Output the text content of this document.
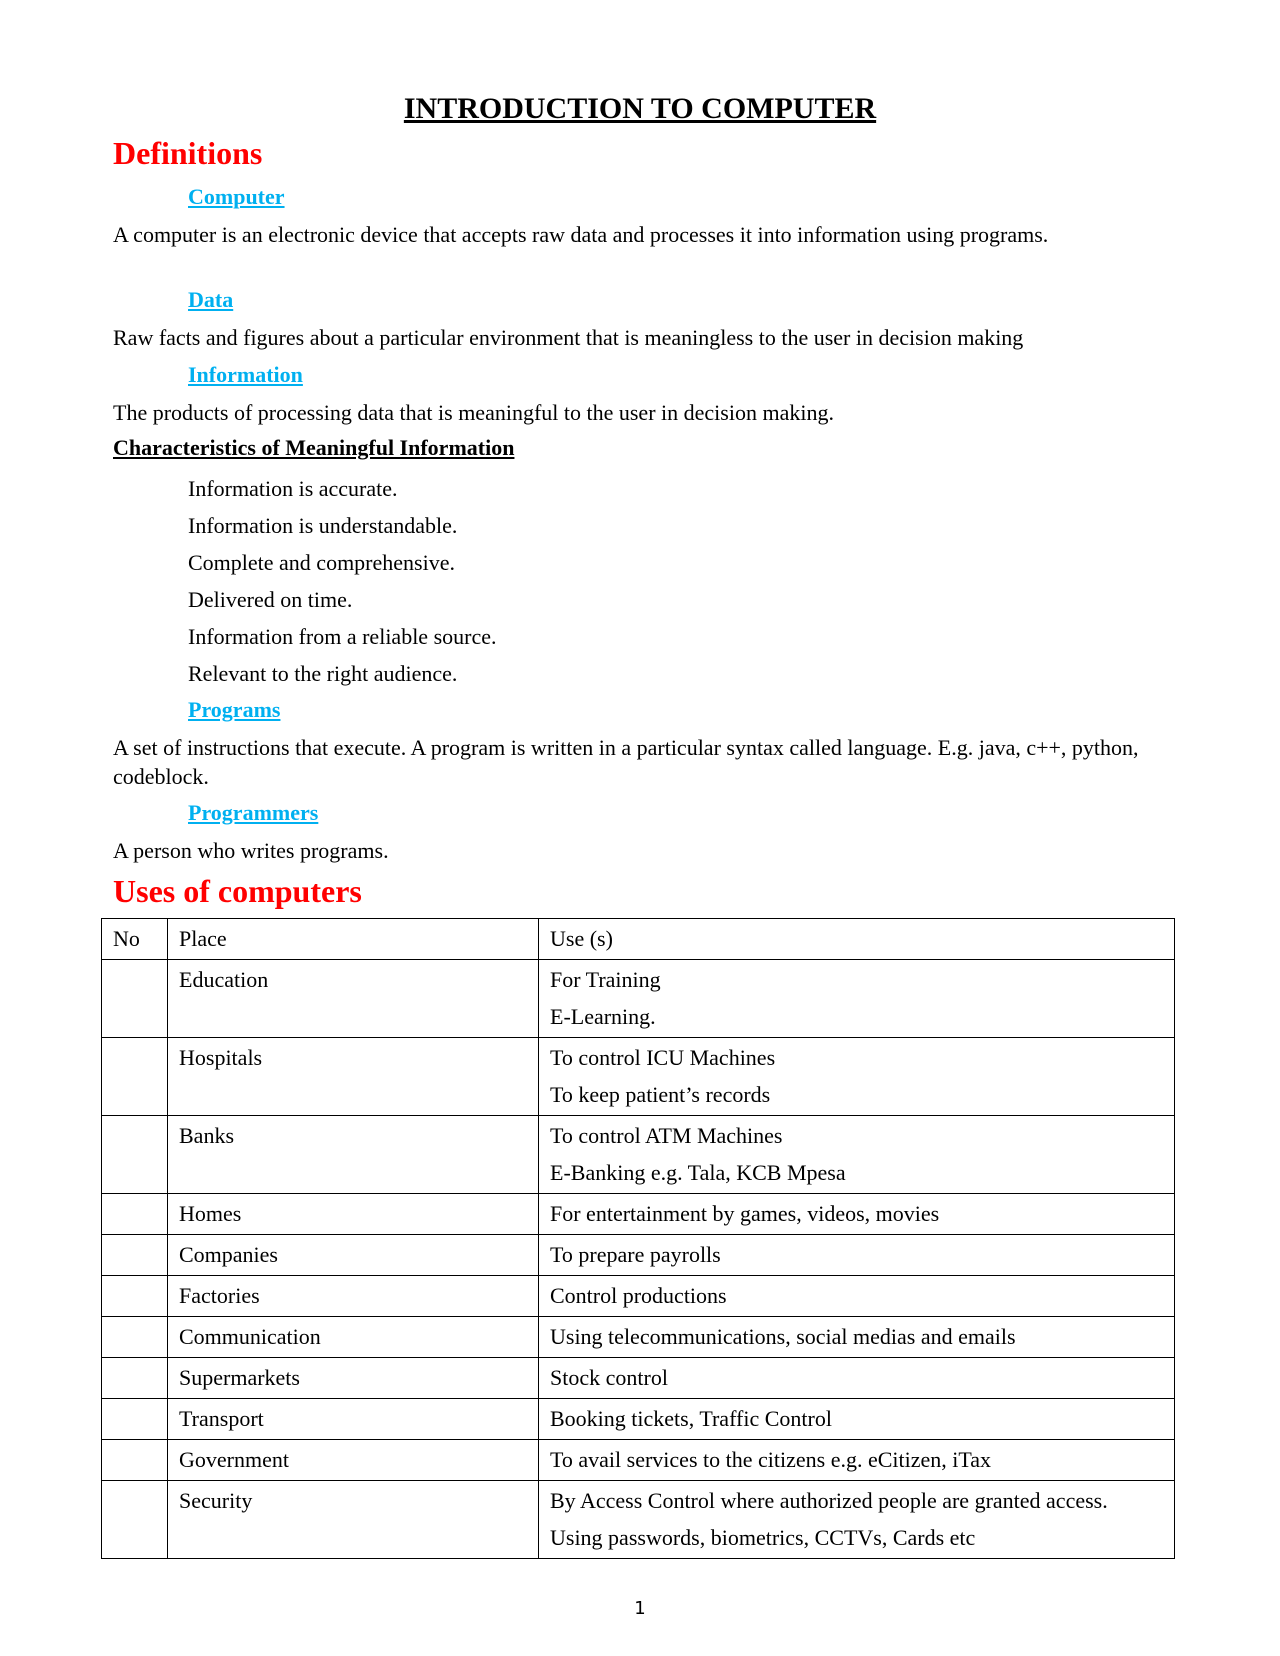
INTRODUCTION TO COMPUTER
Definitions

Computer

A computer is an electronic device that accepts raw data and processes it into information using programs.

Data

Raw facts and figures about a particular environment that is meaningless to the user in decision making

Information

The products of processing data that is meaningful to the user in decision making.

Characteristics of Meaningful Information

Information is accurate.
Information is understandable.
Complete and comprehensive.
Delivered on time.
Information from a reliable source.
Relevant to the right audience.

Programs

A set of instructions that execute. A program is written in a particular syntax called language. E.g. java, c++, python, codeblock.

Programmers

A person who writes programs.

Uses of computers
No	Place	Use (s)
	Education	For Training
E-Learning.

	Hospitals	To control ICU Machines
To keep patient’s records

	Banks	To control ATM Machines
E-Banking e.g. Tala, KCB Mpesa

	Homes	For entertainment by games, videos, movies

	Companies	To prepare payrolls

	Factories	Control productions

	Communication	Using telecommunications, social medias and emails

	Supermarkets	Stock control

	Transport	Booking tickets, Traffic Control

	Government	To avail services to the citizens e.g. eCitizen, iTax

	Security	By Access Control where authorized people are granted access.
Using passwords, biometrics, CCTVs, Cards etc

1
